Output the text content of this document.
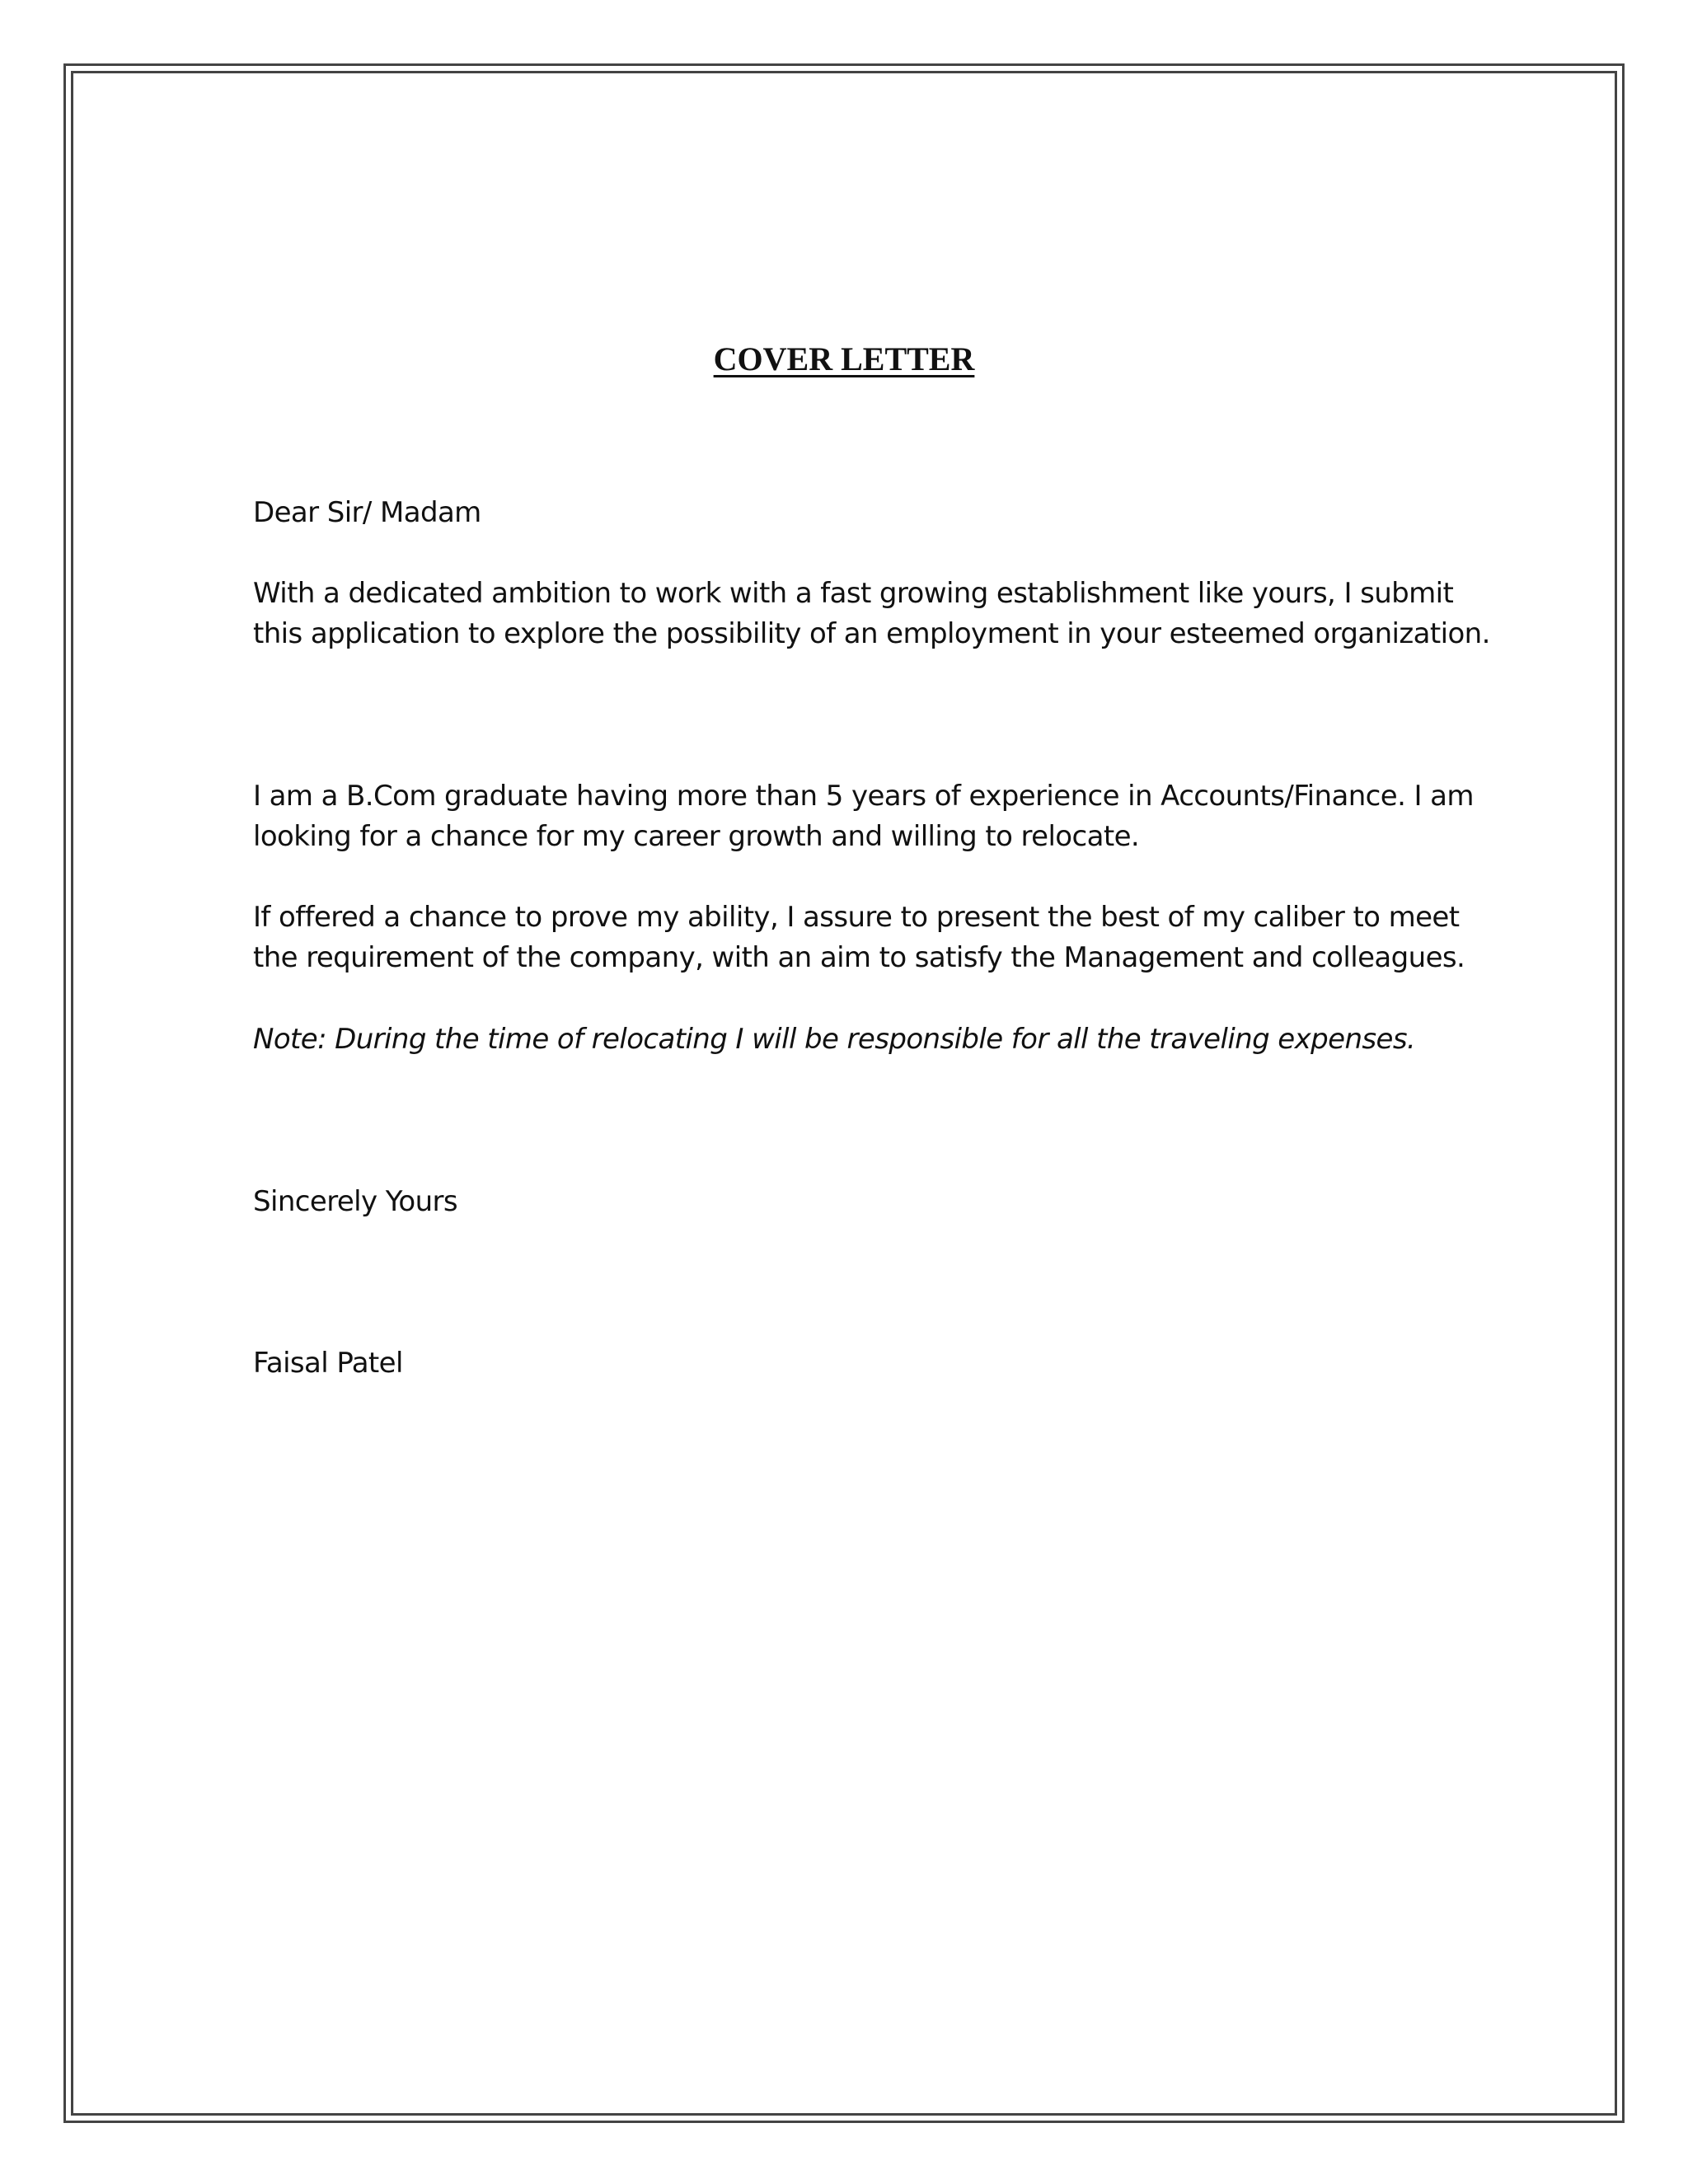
COVER LETTER
Dear Sir/ Madam
With a dedicated ambition to work with a fast growing establishment like yours, I submit
this application to explore the possibility of an employment in your esteemed organization.
I am a B.Com graduate having more than 5 years of experience in Accounts/Finance. I am
looking for a chance for my career growth and willing to relocate.
If offered a chance to prove my ability, I assure to present the best of my caliber to meet
the requirement of the company, with an aim to satisfy the Management and colleagues.
Note: During the time of relocating I will be responsible for all the traveling expenses.
Sincerely Yours
Faisal Patel
